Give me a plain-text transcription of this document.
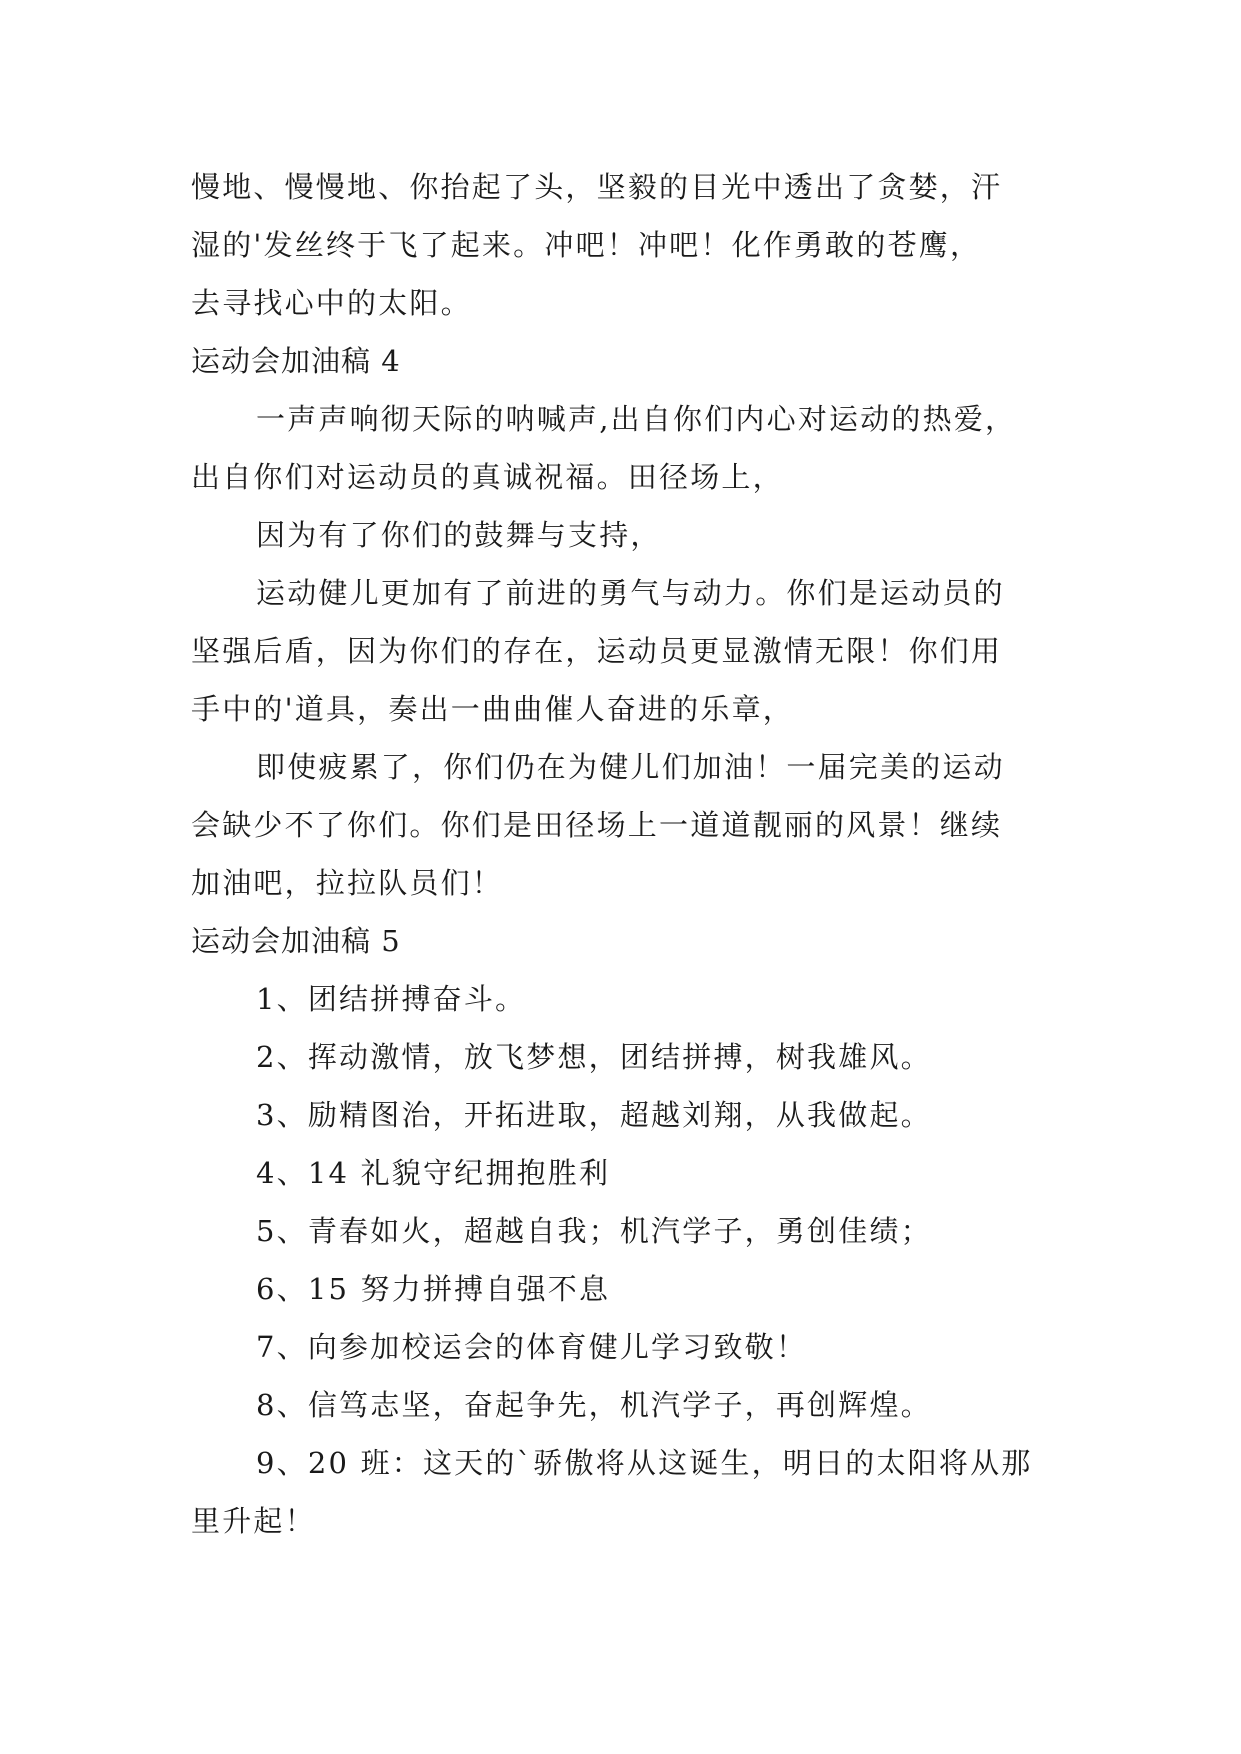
慢地、慢慢地、你抬起了头，坚毅的目光中透出了贪婪，汗
湿的'发丝终于飞了起来。冲吧！冲吧！化作勇敢的苍鹰，
去寻找心中的太阳。
运动会加油稿 4
一声声响彻天际的呐喊声,出自你们内心对运动的热爱，
出自你们对运动员的真诚祝福。田径场上，
因为有了你们的鼓舞与支持，
运动健儿更加有了前进的勇气与动力。你们是运动员的
坚强后盾，因为你们的存在，运动员更显激情无限！你们用
手中的'道具，奏出一曲曲催人奋进的乐章，
即使疲累了，你们仍在为健儿们加油！一届完美的运动
会缺少不了你们。你们是田径场上一道道靓丽的风景！继续
加油吧，拉拉队员们！
运动会加油稿 5
1、团结拼搏奋斗。
2、挥动激情，放飞梦想，团结拼搏，树我雄风。
3、励精图治，开拓进取，超越刘翔，从我做起。
4、14 礼貌守纪拥抱胜利
5、青春如火，超越自我；机汽学子，勇创佳绩；
6、15 努力拼搏自强不息
7、向参加校运会的体育健儿学习致敬！
8、信笃志坚，奋起争先，机汽学子，再创辉煌。
9、20 班：这天的`骄傲将从这诞生，明日的太阳将从那
里升起！
